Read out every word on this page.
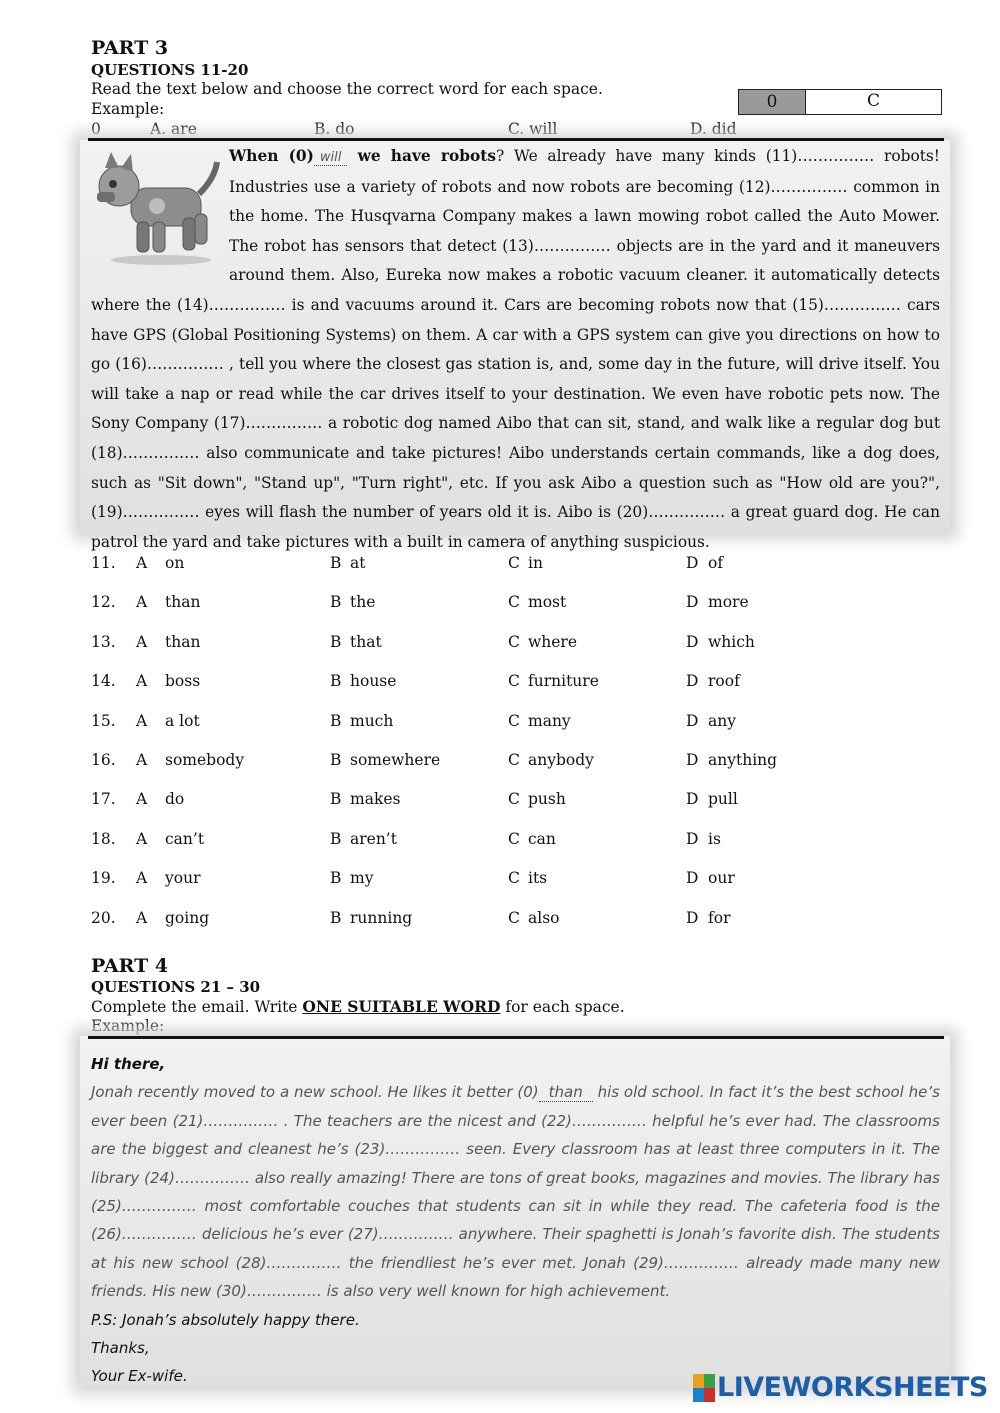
PART 3
QUESTIONS 11-20
Read the text below and choose the correct word for each space.
Example:	0	C
0	A. are	B. do	C. will	D. did
When (0) will we have robots? We already have many kinds (11)…………… robots! Industries use a variety of robots and now robots are becoming (12)…………… common in the home. The Husqvarna Company makes a lawn mowing robot called the Auto Mower. The robot has sensors that detect (13)…………… objects are in the yard and it maneuvers around them. Also, Eureka now makes a robotic vacuum cleaner. it automatically detects where the (14)…………… is and vacuums around it. Cars are becoming robots now that (15)…………… cars have GPS (Global Positioning Systems) on them. A car with a GPS system can give you directions on how to go (16)…………… , tell you where the closest gas station is, and, some day in the future, will drive itself. You will take a nap or read while the car drives itself to your destination. We even have robotic pets now. The Sony Company (17)…………… a robotic dog named Aibo that can sit, stand, and walk like a regular dog but (18)…………… also communicate and take pictures! Aibo understands certain commands, like a dog does, such as "Sit down", "Stand up", "Turn right", etc. If you ask Aibo a question such as "How old are you?", (19)…………… eyes will flash the number of years old it is. Aibo is (20)…………… a great guard dog. He can patrol the yard and take pictures with a built in camera of anything suspicious.
11. A on	B at	C in	D of
12. A than	B the	C most	D more
13. A than	B that	C where	D which
14. A boss	B house	C furniture	D roof
15. A a lot	B much	C many	D any
16. A somebody	B somewhere	C anybody	D anything
17. A do	B makes	C push	D pull
18. A can’t	B aren’t	C can	D is
19. A your	B my	C its	D our
20. A going	B running	C also	D for
PART 4
QUESTIONS 21 – 30
Complete the email. Write ONE SUITABLE WORD for each space.
Example:
Hi there,
Jonah recently moved to a new school. He likes it better (0) than his old school. In fact it’s the best school he’s ever been (21)…………… . The teachers are the nicest and (22)…………… helpful he’s ever had. The classrooms are the biggest and cleanest he’s (23)…………… seen. Every classroom has at least three computers in it. The library (24)…………… also really amazing! There are tons of great books, magazines and movies. The library has (25)…………… most comfortable couches that students can sit in while they read. The cafeteria food is the (26)…………… delicious he’s ever (27)…………… anywhere. Their spaghetti is Jonah’s favorite dish. The students at his new school (28)…………… the friendliest he’s ever met. Jonah (29)…………… already made many new friends. His new (30)…………… is also very well known for high achievement.
P.S: Jonah’s absolutely happy there.
Thanks,
Your Ex-wife.	LIVEWORKSHEETS
